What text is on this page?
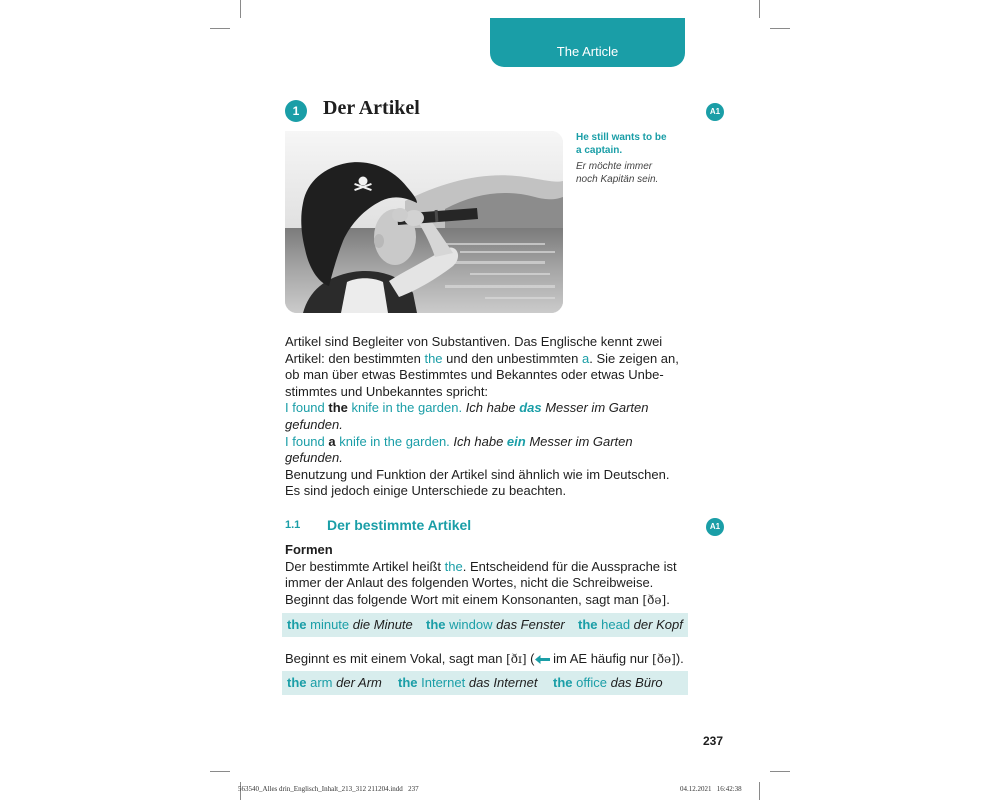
The Article
1	Der Artikel	A1
He still wants to be
a captain.
Er möchte immer
noch Kapitän sein.
Artikel sind Begleiter von Substantiven. Das Englische kennt zwei
Artikel: den bestimmten the und den unbestimmten a. Sie zeigen an,
ob man über etwas Bestimmtes und Bekanntes oder etwas Unbe-
stimmtes und Unbekanntes spricht:
I found the knife in the garden. Ich habe das Messer im Garten
gefunden.
I found a knife in the garden. Ich habe ein Messer im Garten
gefunden.
Benutzung und Funktion der Artikel sind ähnlich wie im Deutschen.
Es sind jedoch einige Unterschiede zu beachten.
1.1 Der bestimmte Artikel	A1
Formen
Der bestimmte Artikel heißt the. Entscheidend für die Aussprache ist
immer der Anlaut des folgenden Wortes, nicht die Schreibweise.
Beginnt das folgende Wort mit einem Konsonanten, sagt man [ðə].
the minute die Minute the window das Fenster the head der Kopf
Beginnt es mit einem Vokal, sagt man [ðɪ] ( im AE häufig nur [ðə]).
the arm der Arm the Internet das Internet the office das Büro
237
563540_Alles drin_Englisch_Inhalt_213_312 211204.indd 237	04.12.2021 16:42:38
